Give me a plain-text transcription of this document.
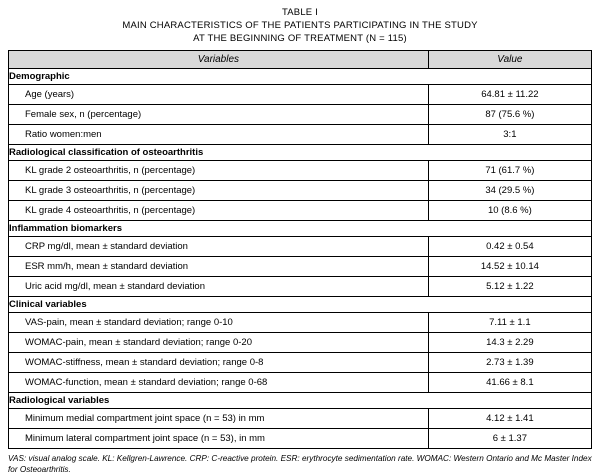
TABLE I
MAIN CHARACTERISTICS OF THE PATIENTS PARTICIPATING IN THE STUDY
AT THE BEGINNING OF TREATMENT (N = 115)
Variables	Value
Demographic	
Age (years)	64.81 ± 11.22
Female sex, n (percentage)	87 (75.6 %)
Ratio women:men	3:1
Radiological classification of osteoarthritis	
KL grade 2 osteoarthritis, n (percentage)	71 (61.7 %)
KL grade 3 osteoarthritis, n (percentage)	34 (29.5 %)
KL grade 4 osteoarthritis, n (percentage)	10 (8.6 %)
Inflammation biomarkers	
CRP mg/dl, mean ± standard deviation	0.42 ± 0.54
ESR mm/h, mean ± standard deviation	14.52 ± 10.14
Uric acid mg/dl, mean ± standard deviation	5.12 ± 1.22
Clinical variables	
VAS-pain, mean ± standard deviation; range 0-10	7.11 ± 1.1
WOMAC-pain, mean ± standard deviation; range 0-20	14.3 ± 2.29
WOMAC-stiffness, mean ± standard deviation; range 0-8	2.73 ± 1.39
WOMAC-function, mean ± standard deviation; range 0-68	41.66 ± 8.1
Radiological variables	
Minimum medial compartment joint space (n = 53) in mm	4.12 ± 1.41
Minimum lateral compartment joint space (n = 53), in mm	6 ± 1.37
VAS: visual analog scale. KL: Kellgren-Lawrence. CRP: C-reactive protein. ESR: erythrocyte sedimentation rate. WOMAC: Western Ontario and Mc Master Index for Osteoarthritis.
